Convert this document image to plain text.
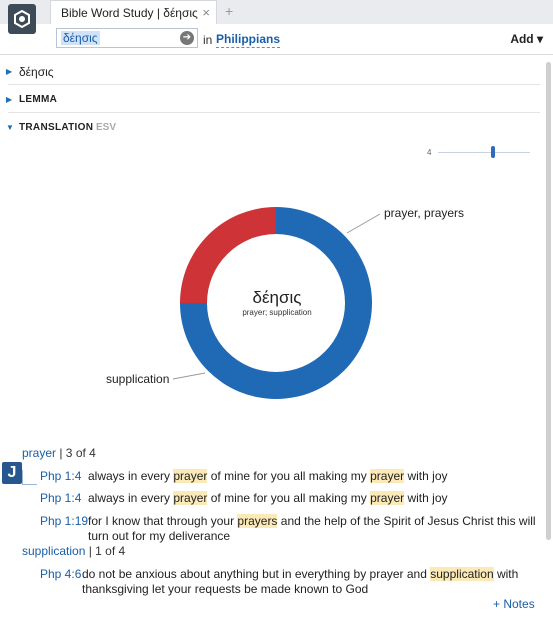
Bible Word Study | δέησις × +
δέησις	➔ in Philippians	Add ▾
▶ δέησις
▶ LEMMA
▼ TRANSLATION ESV
4
prayer, prayers
supplication
δέησις
prayer; supplication
prayer | 3 of 4
J	Php 1:4 always in every prayer of mine for you all making my prayer with joy
Php 1:4 always in every prayer of mine for you all making my prayer with joy
Php 1:19 for I know that through your prayers and the help of the Spirit of Jesus Christ this will
turn out for my deliverance
supplication | 1 of 4
Php 4:6 do not be anxious about anything but in everything by prayer and supplication with
thanksgiving let your requests be made known to God
+ Notes
